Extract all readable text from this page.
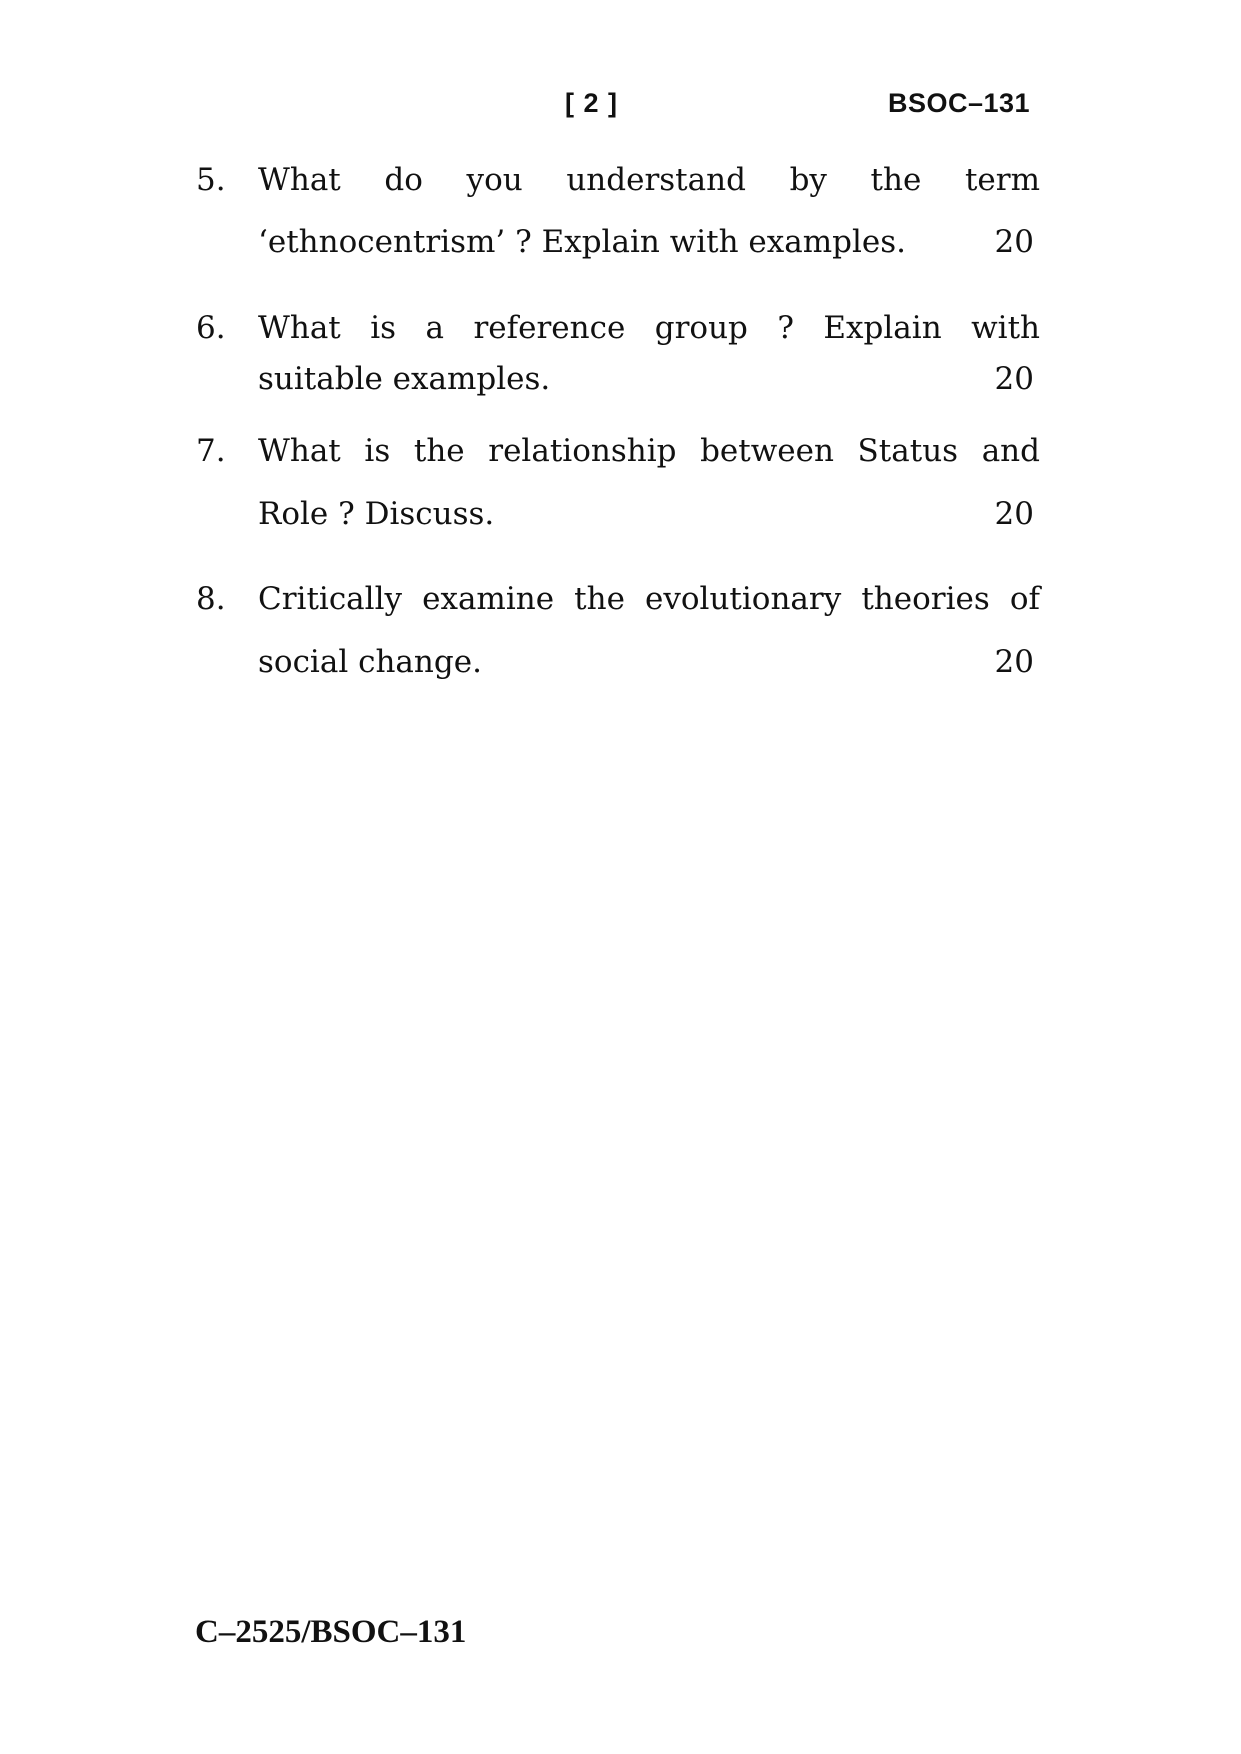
[ 2 ]	BSOC–131
5. What do you understand by the term
‘ethnocentrism’ ? Explain with examples.	20
6. What is a reference group ? Explain with
suitable examples.	20
7. What is the relationship between Status and
Role ? Discuss.	20
8. Critically examine the evolutionary theories of
social change.	20
C–2525/BSOC–131
